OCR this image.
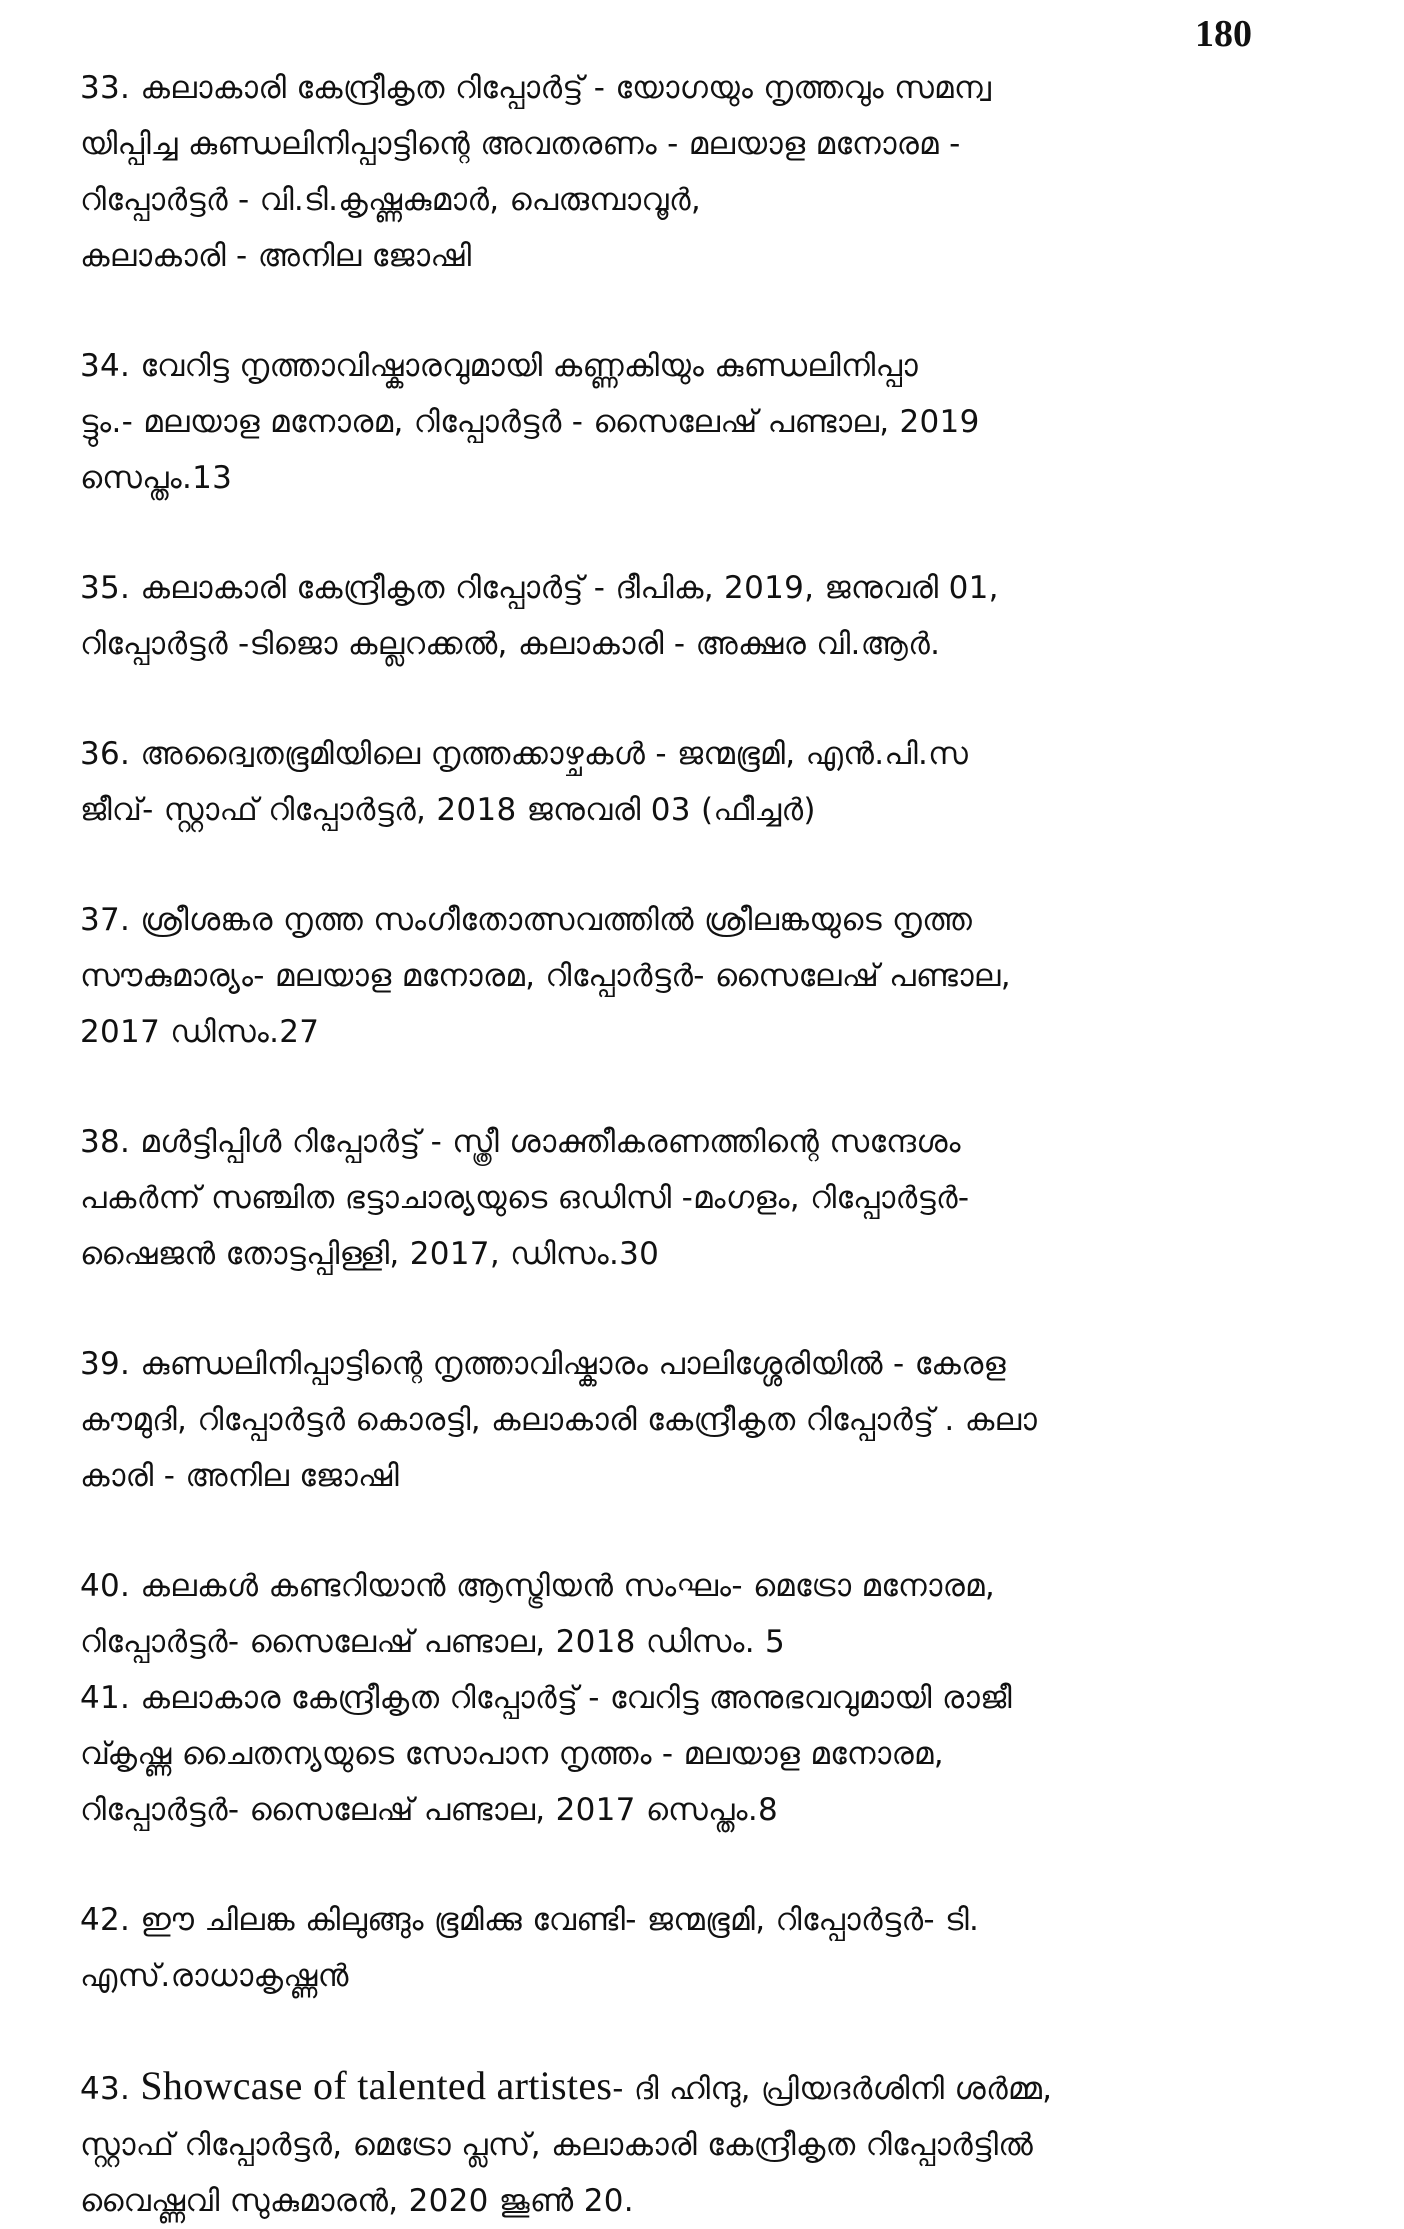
180
33. കലാകാരി കേന്ദ്രീകൃത റിപ്പോർട്ട് - യോഗയും നൃത്തവും സമന്വ
യിപ്പിച്ച കുണ്ഡലിനിപ്പാട്ടിന്റെ അവതരണം - മലയാള മനോരമ -
റിപ്പോർട്ടർ - വി.ടി.കൃഷ്ണകുമാർ, പെരുമ്പാവൂർ,
കലാകാരി - അനില ജോഷി
34. വേറിട്ട നൃത്താവിഷ്കാരവുമായി കണ്ണകിയും കുണ്ഡലിനിപ്പാ
ട്ടും.- മലയാള മനോരമ, റിപ്പോർട്ടർ - സൈലേഷ് പണ്ടാല, 2019
സെപ്തം.13
35. കലാകാരി കേന്ദ്രീകൃത റിപ്പോർട്ട് - ദീപിക, 2019, ജനുവരി 01,
റിപ്പോർട്ടർ -ടിജൊ കല്ലറക്കൽ, കലാകാരി - അക്ഷര വി.ആർ.
36. അദ്വൈതഭൂമിയിലെ നൃത്തക്കാഴ്ചകൾ - ജന്മഭൂമി, എൻ.പി.സ
ജീവ്- സ്റ്റാഫ് റിപ്പോർട്ടർ, 2018 ജനുവരി 03 (ഫീച്ചർ)
37. ശ്രീശങ്കര നൃത്ത സംഗീതോത്സവത്തിൽ ശ്രീലങ്കയുടെ നൃത്ത
സൗകുമാര്യം- മലയാള മനോരമ, റിപ്പോർട്ടർ- സൈലേഷ് പണ്ടാല,
2017 ഡിസം.27
38. മൾട്ടിപ്പിൾ റിപ്പോർട്ട് - സ്ത്രീ ശാക്തീകരണത്തിന്റെ സന്ദേശം
പകർന്ന് സഞ്ചിത ഭട്ടാചാര്യയുടെ ഒഡിസി -മംഗളം, റിപ്പോർട്ടർ-
ഷൈജൻ തോട്ടപ്പിള്ളി, 2017, ഡിസം.30
39. കുണ്ഡലിനിപ്പാട്ടിന്റെ നൃത്താവിഷ്കാരം പാലിശ്ശേരിയിൽ - കേരള
കൗമുദി, റിപ്പോർട്ടർ കൊരട്ടി, കലാകാരി കേന്ദ്രീകൃത റിപ്പോർട്ട് . കലാ
കാരി - അനില ജോഷി
40. കലകൾ കണ്ടറിയാൻ ആസ്ട്രിയൻ സംഘം- മെട്രോ മനോരമ,
റിപ്പോർട്ടർ- സൈലേഷ് പണ്ടാല, 2018 ഡിസം. 5
41. കലാകാര കേന്ദ്രീകൃത റിപ്പോർട്ട് - വേറിട്ട അനുഭവവുമായി രാജീ
വ്കൃഷ്ണ ചൈതന്യയുടെ സോപാന നൃത്തം - മലയാള മനോരമ,
റിപ്പോർട്ടർ- സൈലേഷ് പണ്ടാല, 2017 സെപ്തം.8
42. ഈ ചിലങ്ക കിലുങ്ങും ഭൂമിക്കു വേണ്ടി- ജന്മഭൂമി, റിപ്പോർട്ടർ- ടി.
എസ്.രാധാകൃഷ്ണൻ
43. Showcase of talented artistes- ദി ഹിന്ദു, പ്രിയദർശിനി ശർമ്മ,
സ്റ്റാഫ് റിപ്പോർട്ടർ, മെട്രോ പ്ലസ്, കലാകാരി കേന്ദ്രീകൃത റിപ്പോർട്ടിൽ
വൈഷ്ണവി സുകുമാരൻ, 2020 ജൂൺ 20.
